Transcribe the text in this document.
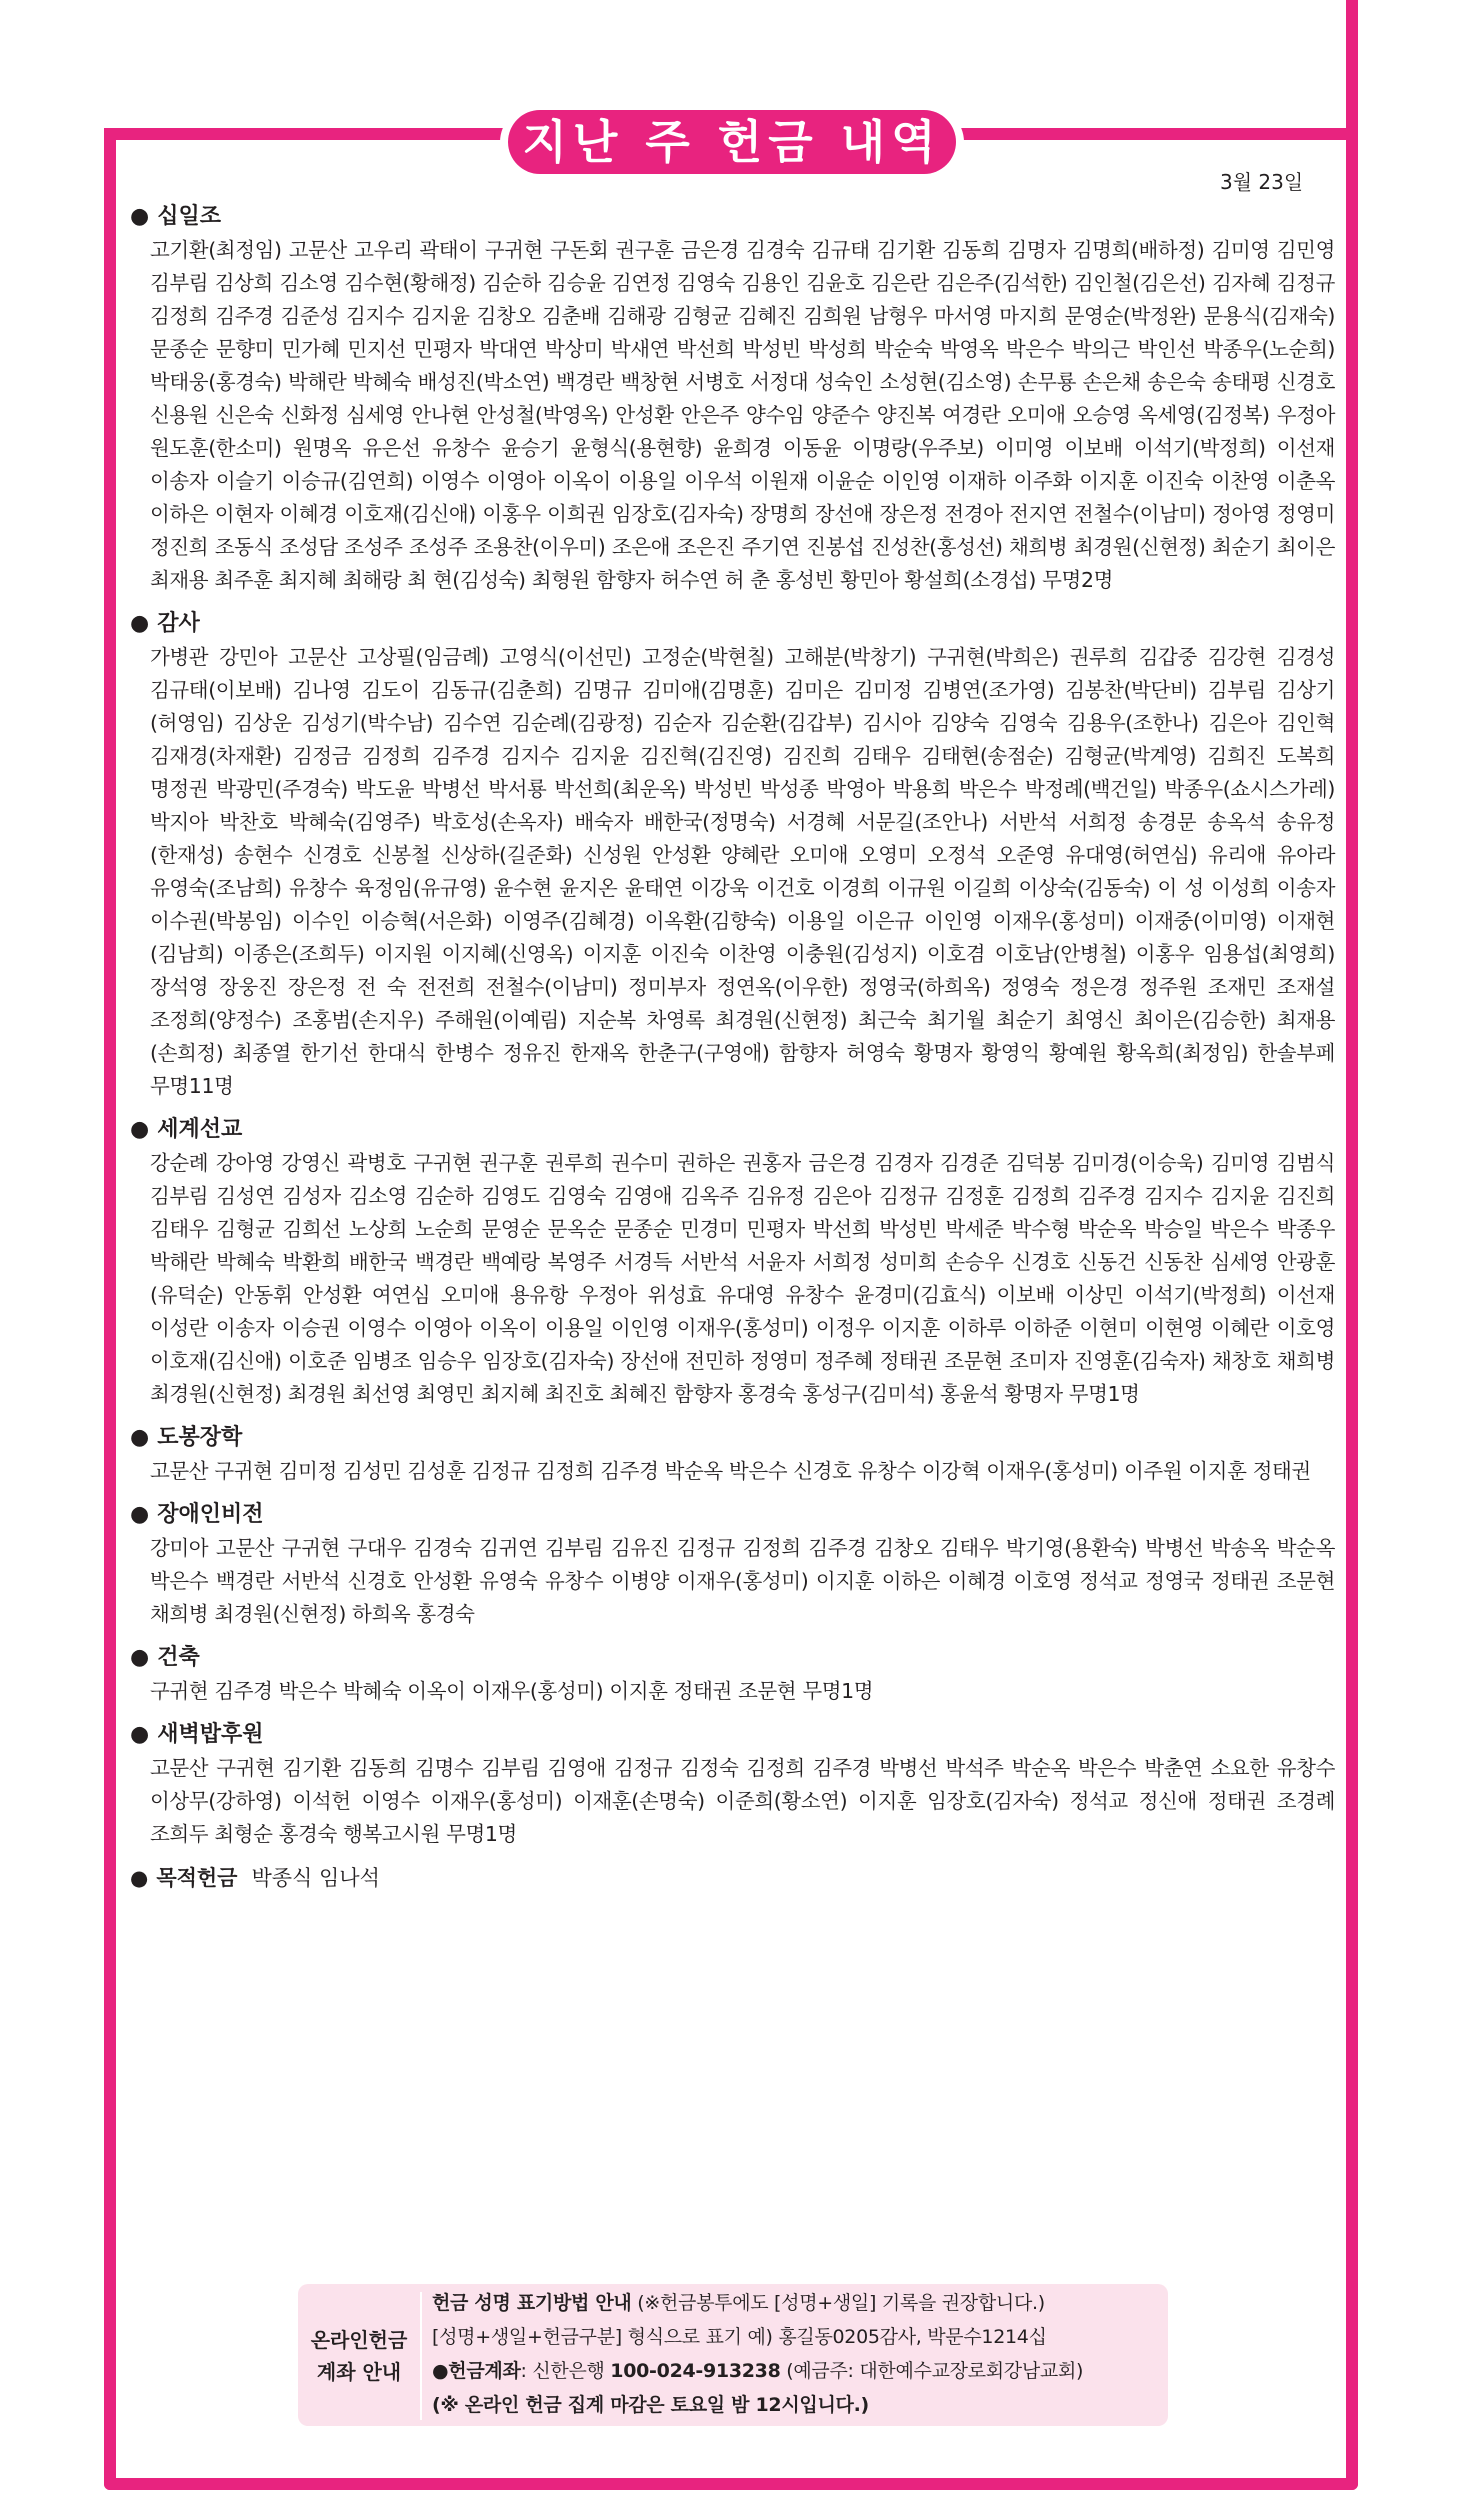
지난 주 헌금 내역
3월 23일

● 십일조

고기환(최정임) 고문산 고우리 곽태이 구귀현 구돈회 권구훈 금은경 김경숙 김규태 김기환 김동희 김명자 김명희(배하정) 김미영 김민영 김부림 김상희 김소영 김수현(황해정) 김순하 김승윤 김연정 김영숙 김용인 김윤호 김은란 김은주(김석한) 김인철(김은선) 김자혜 김정규 김정희 김주경 김준성 김지수 김지윤 김창오 김춘배 김해광 김형균 김혜진 김희원 남형우 마서영 마지희 문영순(박정완) 문용식(김재숙) 문종순 문향미 민가혜 민지선 민평자 박대연 박상미 박새연 박선희 박성빈 박성희 박순숙 박영옥 박은수 박의근 박인선 박종우(노순희) 박태웅(홍경숙) 박해란 박혜숙 배성진(박소연) 백경란 백창현 서병호 서정대 성숙인 소성현(김소영) 손무룡 손은채 송은숙 송태평 신경호 신용원 신은숙 신화정 심세영 안나현 안성철(박영옥) 안성환 안은주 양수임 양준수 양진복 여경란 오미애 오승영 옥세영(김정복) 우정아 원도훈(한소미) 원명옥 유은선 유창수 윤승기 윤형식(용현향) 윤희경 이동윤 이명랑(우주보) 이미영 이보배 이석기(박정희) 이선재 이송자 이슬기 이승규(김연희) 이영수 이영아 이옥이 이용일 이우석 이원재 이윤순 이인영 이재하 이주화 이지훈 이진숙 이찬영 이춘옥 이하은 이현자 이혜경 이호재(김신애) 이홍우 이희권 임장호(김자숙) 장명희 장선애 장은정 전경아 전지연 전철수(이남미) 정아영 정영미 정진희 조동식 조성담 조성주 조성주 조용찬(이우미) 조은애 조은진 주기연 진봉섭 진성찬(홍성선) 채희병 최경원(신현정) 최순기 최이은 최재용 최주훈 최지혜 최해랑 최 현(김성숙) 최형원 함향자 허수연 허 춘 홍성빈 황민아 황설희(소경섭) 무명2명

● 감사

가병관 강민아 고문산 고상필(임금례) 고영식(이선민) 고정순(박현칠) 고해분(박창기) 구귀현(박희은) 권루희 김갑중 김강현 김경성 김규태(이보배) 김나영 김도이 김동규(김춘희) 김명규 김미애(김명훈) 김미은 김미정 김병연(조가영) 김봉찬(박단비) 김부림 김상기(허영임) 김상운 김성기(박수남) 김수연 김순례(김광정) 김순자 김순환(김갑부) 김시아 김양숙 김영숙 김용우(조한나) 김은아 김인혁 김재경(차재환) 김정금 김정희 김주경 김지수 김지윤 김진혁(김진영) 김진희 김태우 김태현(송점순) 김형균(박계영) 김희진 도복희 명정권 박광민(주경숙) 박도윤 박병선 박서룡 박선희(최운옥) 박성빈 박성종 박영아 박용희 박은수 박정례(백건일) 박종우(쇼시스가레) 박지아 박찬호 박혜숙(김영주) 박호성(손옥자) 배숙자 배한국(정명숙) 서경혜 서문길(조안나) 서반석 서희정 송경문 송옥석 송유정(한재성) 송현수 신경호 신봉철 신상하(길준화) 신성원 안성환 양혜란 오미애 오영미 오정석 오준영 유대영(허연심) 유리애 유아라 유영숙(조남희) 유창수 육정임(유규영) 윤수현 윤지온 윤태연 이강욱 이건호 이경희 이규원 이길희 이상숙(김동숙) 이 성 이성희 이송자 이수권(박봉임) 이수인 이승혁(서은화) 이영주(김혜경) 이옥환(김향숙) 이용일 이은규 이인영 이재우(홍성미) 이재중(이미영) 이재현(김남희) 이종은(조희두) 이지원 이지혜(신영옥) 이지훈 이진숙 이찬영 이충원(김성지) 이호겸 이호남(안병철) 이홍우 임용섭(최영희) 장석영 장웅진 장은정 전 숙 전전희 전철수(이남미) 정미부자 정연옥(이우한) 정영국(하희옥) 정영숙 정은경 정주원 조재민 조재설 조정희(양정수) 조홍범(손지우) 주해원(이예림) 지순복 차영록 최경원(신현정) 최근숙 최기월 최순기 최영신 최이은(김승한) 최재용(손희정) 최종열 한기선 한대식 한병수 정유진 한재옥 한춘구(구영애) 함향자 허영숙 황명자 황영익 황예원 황옥희(최정임) 한솔부페 무명11명

● 세계선교

강순례 강아영 강영신 곽병호 구귀현 권구훈 권루희 권수미 권하은 권홍자 금은경 김경자 김경준 김덕봉 김미경(이승욱) 김미영 김범식 김부림 김성연 김성자 김소영 김순하 김영도 김영숙 김영애 김옥주 김유정 김은아 김정규 김정훈 김정희 김주경 김지수 김지윤 김진희 김태우 김형균 김희선 노상희 노순희 문영순 문옥순 문종순 민경미 민평자 박선희 박성빈 박세준 박수형 박순옥 박승일 박은수 박종우 박해란 박혜숙 박환희 배한국 백경란 백예랑 복영주 서경득 서반석 서윤자 서희정 성미희 손승우 신경호 신동건 신동찬 심세영 안광훈(유덕순) 안동휘 안성환 여연심 오미애 용유항 우정아 위성효 유대영 유창수 윤경미(김효식) 이보배 이상민 이석기(박정희) 이선재 이성란 이송자 이승권 이영수 이영아 이옥이 이용일 이인영 이재우(홍성미) 이정우 이지훈 이하루 이하준 이현미 이현영 이혜란 이호영 이호재(김신애) 이호준 임병조 임승우 임장호(김자숙) 장선애 전민하 정영미 정주혜 정태권 조문현 조미자 진영훈(김숙자) 채창호 채희병 최경원(신현정) 최경원 최선영 최영민 최지혜 최진호 최혜진 함향자 홍경숙 홍성구(김미석) 홍윤석 황명자 무명1명

● 도봉장학

고문산 구귀현 김미정 김성민 김성훈 김정규 김정희 김주경 박순옥 박은수 신경호 유창수 이강혁 이재우(홍성미) 이주원 이지훈 정태권

● 장애인비전

강미아 고문산 구귀현 구대우 김경숙 김귀연 김부림 김유진 김정규 김정희 김주경 김창오 김태우 박기영(용환숙) 박병선 박송옥 박순옥 박은수 백경란 서반석 신경호 안성환 유영숙 유창수 이병양 이재우(홍성미) 이지훈 이하은 이혜경 이호영 정석교 정영국 정태권 조문현 채희병 최경원(신현정) 하희옥 홍경숙

● 건축

구귀현 김주경 박은수 박혜숙 이옥이 이재우(홍성미) 이지훈 정태권 조문현 무명1명

● 새벽밥후원

고문산 구귀현 김기환 김동희 김명수 김부림 김영애 김정규 김정숙 김정희 김주경 박병선 박석주 박순옥 박은수 박춘연 소요한 유창수 이상무(강하영) 이석헌 이영수 이재우(홍성미) 이재훈(손명숙) 이준희(황소연) 이지훈 임장호(김자숙) 정석교 정신애 정태권 조경례 조희두 최형순 홍경숙 행복고시원 무명1명

● 목적헌금 박종식 임나석
온라인헌금
계좌 안내
헌금 성명 표기방법 안내 (※헌금봉투에도 [성명+생일] 기록을 권장합니다.)
[성명+생일+헌금구분] 형식으로 표기 예) 홍길동0205감사, 박문수1214십
●헌금계좌: 신한은행 100-024-913238 (예금주: 대한예수교장로회강남교회)
(※ 온라인 헌금 집계 마감은 토요일 밤 12시입니다.)
